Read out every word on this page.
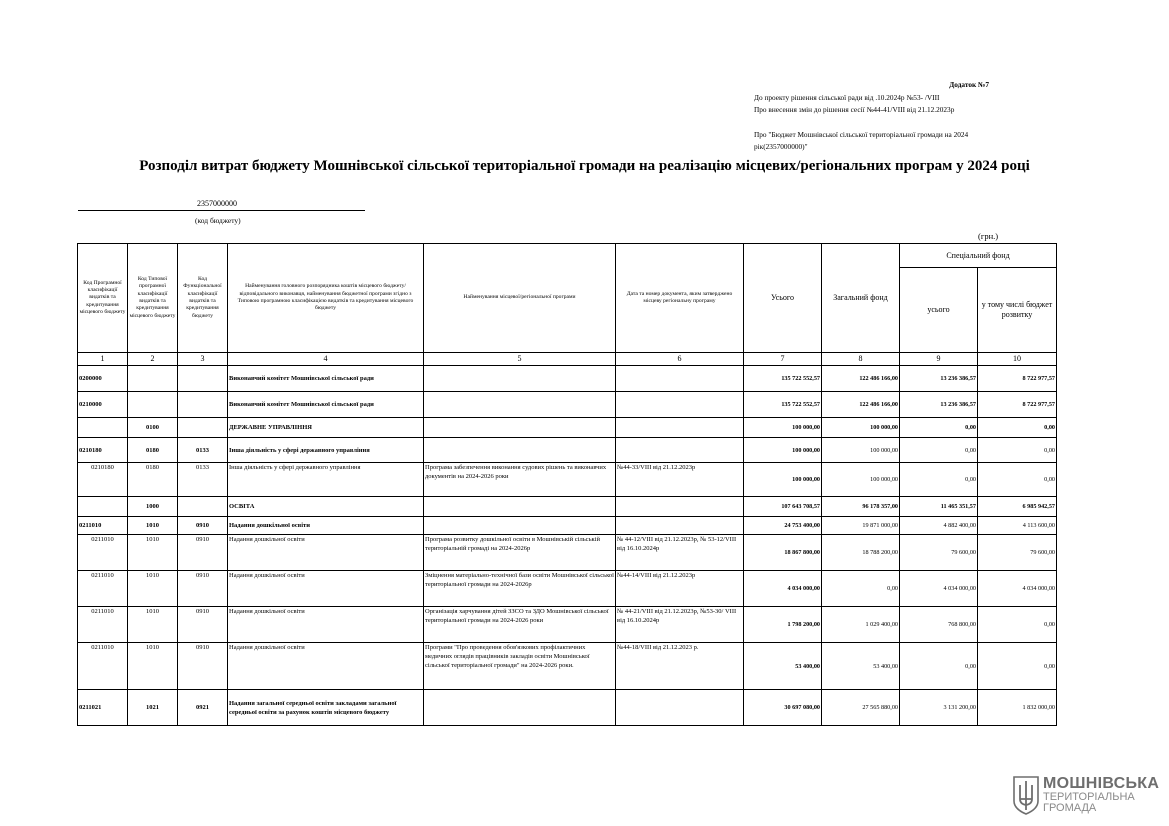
Додаток №7
До проекту рішення сільської ради від .10.2024р №53- /VIII
Про внесення змін до рішення сесії №44-41/VIII від 21.12.2023р
Про "Бюджет Мошнівської сільської територіальної громади на 2024
рік(2357000000)"
Розподіл витрат бюджету Мошнівської сільської територіальної громади на реалізацію місцевих/регіональних програм у 2024 році
2357000000
(код бюджету)
(грн.)
Код Програмної класифікації видатків та кредитування місцевого бюджету	Код Типової програмної класифікації видатків та кредитування місцевого бюджету	Код Функціональної класифікації видатків та кредитування бюджету	Найменування головного розпорядника коштів місцевого бюджету/ відповідального виконавця, найменування бюджетної програми згідно з Типовою програмною класифікацією видатків та кредитування місцевого бюджету	Найменування місцевої/регіональної програми	Дата та номер документа, яким затверджено місцеву регіональну програму	Усього	Загальний фонд	Спеціальний фонд	
								усього	у тому числі бюджет розвитку
1	2	3	4	5	6	7	8	9	10
0200000			Виконавчий комітет Мошнівської сільської ради			135 722 552,57	122 486 166,00	13 236 386,57	8 722 977,57
0210000			Виконавчий комітет Мошнівської сільської ради			135 722 552,57	122 486 166,00	13 236 386,57	8 722 977,57
	0100		ДЕРЖАВНЕ УПРАВЛІННЯ			100 000,00	100 000,00	0,00	0,00
0210180	0180	0133	Інша діяльність у сфері державного управління			100 000,00	100 000,00	0,00	0,00
0210180	0180	0133	Інша діяльність у сфері державного управління	Програма забезпечення виконання судових рішень та виконавчих документів на 2024-2026 роки	№44-33/VIII від 21.12.2023р	100 000,00	100 000,00	0,00	0,00
	1000		ОСВІТА			107 643 708,57	96 178 357,00	11 465 351,57	6 985 942,57
0211010	1010	0910	Надання дошкільної освіти			24 753 400,00	19 871 000,00	4 882 400,00	4 113 600,00
0211010	1010	0910	Надання дошкільної освіти	Програма розвитку дошкільної освіти в Мошнівській сільській територіальній громаді на 2024-2026р	№ 44-12/VIII від 21.12.2023р, № 53-12/VIII від 16.10.2024р	18 867 800,00	18 788 200,00	79 600,00	79 600,00
0211010	1010	0910	Надання дошкільної освіти	Зміцнення матеріально-технічної бази освіти Мошнівської сільської територіальної громади на 2024-2026р	№44-14/VIII від 21.12.2023р	4 034 000,00	0,00	4 034 000,00	4 034 000,00
0211010	1010	0910	Надання дошкільної освіти	Організація харчування дітей ЗЗСО та ЗДО Мошнівської сільської територіальної громади на 2024-2026 роки	№ 44-21/VIII від 21.12.2023р, №53-30/ VIII від 16.10.2024р	1 798 200,00	1 029 400,00	768 800,00	0,00
0211010	1010	0910	Надання дошкільної освіти	Програми "Про проведення обов'язкових профілактичних медичних оглядів працівників закладів освіти Мошнівської сільської територіальної громади" на 2024-2026 роки.	№44-18/VIII від 21.12.2023 р.	53 400,00	53 400,00	0,00	0,00
0211021	1021	0921	Надання загальної середньої освіти закладами загальної середньої освіти за рахунок коштів місцевого бюджету			30 697 080,00	27 565 880,00	3 131 200,00	1 832 000,00
МОШНІВСЬКА
ТЕРИТОРІАЛЬНА
ГРОМАДА
